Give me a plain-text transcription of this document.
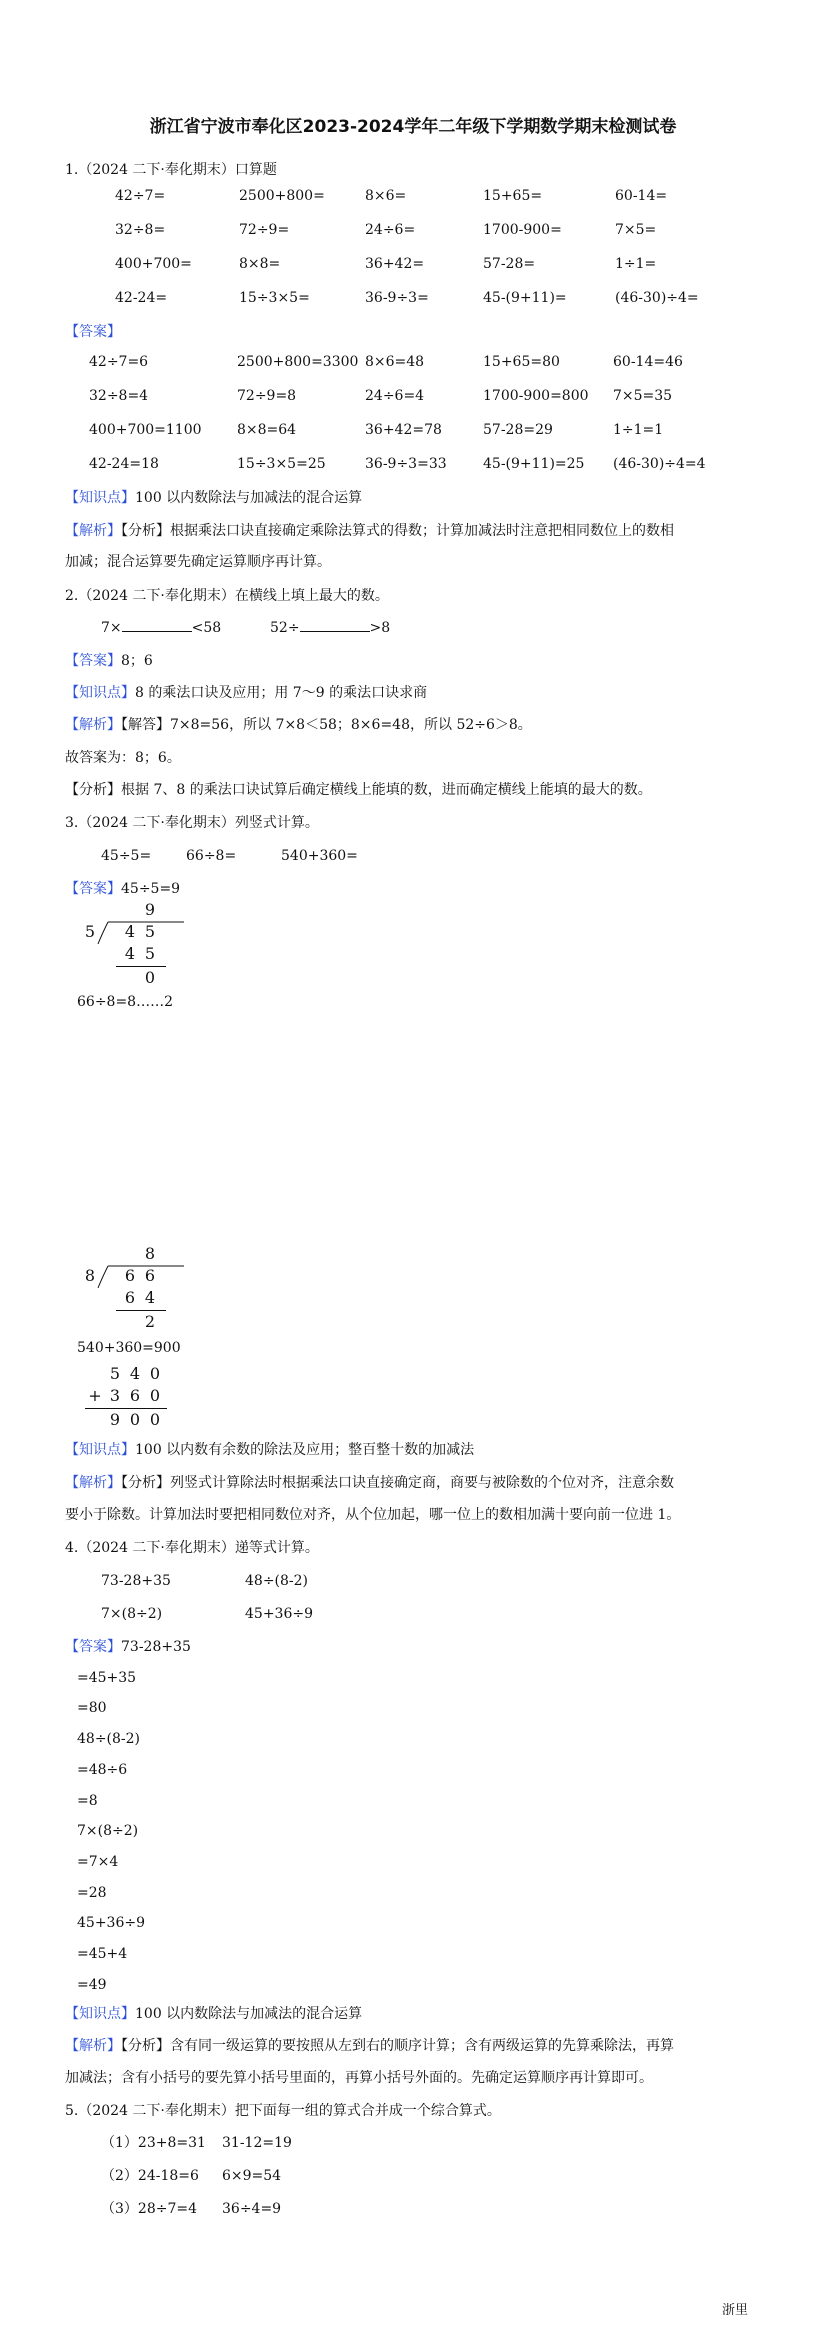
浙江省宁波市奉化区2023-2024学年二年级下学期数学期末检测试卷
1.（2024 二下·奉化期末）口算题
42÷7=	2500+800=	8×6=	15+65=	60-14=
32÷8=	72÷9=	24÷6=	1700-900=	7×5=
400+700=	8×8=	36+42=	57-28=	1÷1=
42-24=	15÷3×5=	36-9÷3=	45-(9+11)=	(46-30)÷4=
【答案】
42÷7=6	2500+800=3300 8×6=48	15+65=80	60-14=46
32÷8=4	72÷9=8	24÷6=4	1700-900=800 7×5=35
400+700=1100	8×8=64	36+42=78	57-28=29	1÷1=1
42-24=18	15÷3×5=25	36-9÷3=33	45-(9+11)=25 (46-30)÷4=4
【知识点】100 以内数除法与加减法的混合运算
【解析】【分析】根据乘法口诀直接确定乘除法算式的得数；计算加减法时注意把相同数位上的数相
加减；混合运算要先确定运算顺序再计算。
2.（2024 二下·奉化期末）在横线上填上最大的数。
7×	<58	52÷	>8
【答案】8；6
【知识点】8 的乘法口诀及应用；用 7～9 的乘法口诀求商
【解析】【解答】7×8=56，所以 7×8＜58；8×6=48，所以 52÷6＞8。
故答案为：8；6。
【分析】根据 7、8 的乘法口诀试算后确定横线上能填的数，进而确定横线上能填的最大的数。
3.（2024 二下·奉化期末）列竖式计算。
45÷5= 66÷8=	540+360=
【答案】45÷5=9
9
5	4 5
4 5
0
66÷8=8……2
8
8	6 6
6 4
2
540+360=900
5 4 0
+ 3 6 0
9 0 0
【知识点】100 以内数有余数的除法及应用；整百整十数的加减法
【解析】【分析】列竖式计算除法时根据乘法口诀直接确定商，商要与被除数的个位对齐，注意余数
要小于除数。计算加法时要把相同数位对齐，从个位加起，哪一位上的数相加满十要向前一位进 1。
4.（2024 二下·奉化期末）递等式计算。
73-28+35	48÷(8-2)
7×(8÷2)	45+36÷9
【答案】73-28+35
=45+35
=80
48÷(8-2)
=48÷6
=8
7×(8÷2)
=7×4
=28
45+36÷9
=45+4
=49
【知识点】100 以内数除法与加减法的混合运算
【解析】【分析】含有同一级运算的要按照从左到右的顺序计算；含有两级运算的先算乘除法，再算
加减法；含有小括号的要先算小括号里面的，再算小括号外面的。先确定运算顺序再计算即可。
5.（2024 二下·奉化期末）把下面每一组的算式合并成一个综合算式。
（1）23+8=31 31-12=19
（2）24-18=6 6×9=54
（3）28÷7=4 36÷4=9
浙里
